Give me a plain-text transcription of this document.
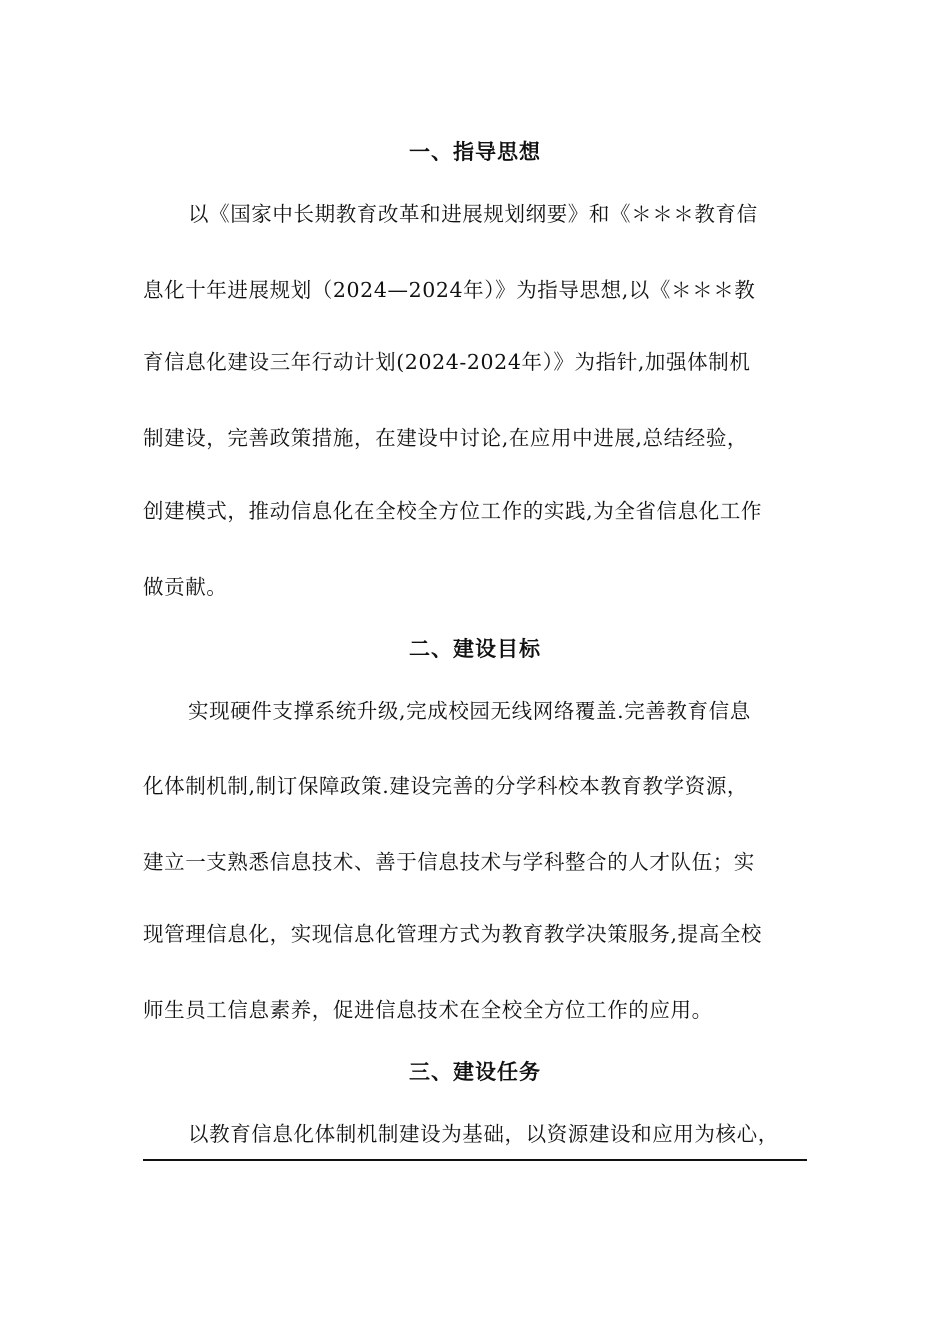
一、指导思想
以《国家中长期教育改革和进展规划纲要》和《＊＊＊教育信
息化十年进展规划（2024—2024年）》为指导思想,以《＊＊＊教
育信息化建设三年行动计划(2024-2024年）》为指针,加强体制机
制建设，完善政策措施，在建设中讨论,在应用中进展,总结经验，
创建模式，推动信息化在全校全方位工作的实践,为全省信息化工作
做贡献。
二、建设目标
实现硬件支撑系统升级,完成校园无线网络覆盖.完善教育信息
化体制机制,制订保障政策.建设完善的分学科校本教育教学资源，
建立一支熟悉信息技术、善于信息技术与学科整合的人才队伍；实
现管理信息化，实现信息化管理方式为教育教学决策服务,提高全校
师生员工信息素养，促进信息技术在全校全方位工作的应用。
三、建设任务
以教育信息化体制机制建设为基础，以资源建设和应用为核心，
